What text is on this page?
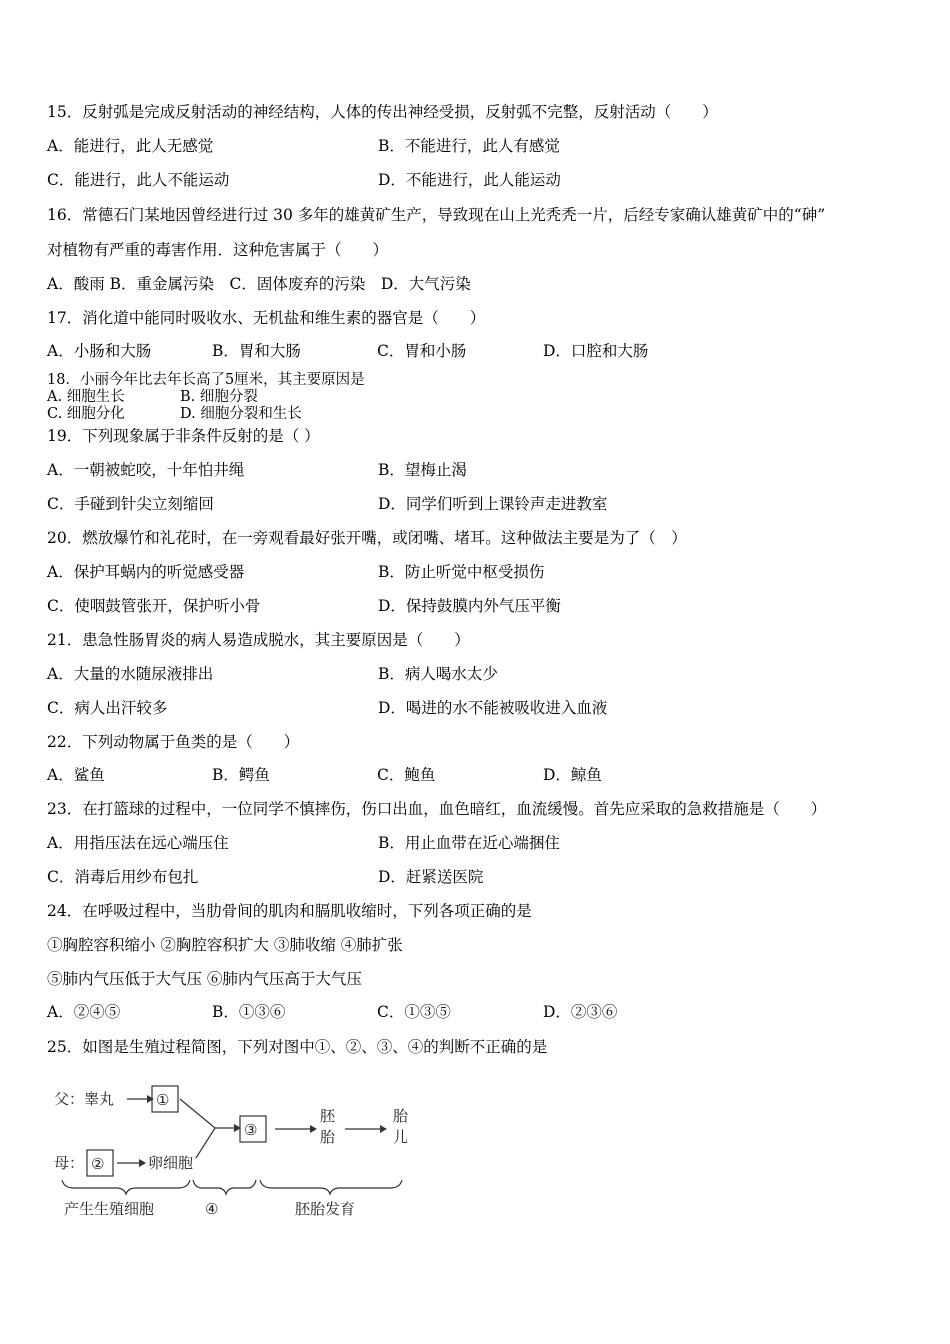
15．反射弧是完成反射活动的神经结构，人体的传出神经受损，反射弧不完整，反射活动（　　）
A．能进行，此人无感觉	B．不能进行，此人有感觉
C．能进行，此人不能运动	D．不能进行，此人能运动
16．常德石门某地因曾经进行过 30 多年的雄黄矿生产，导致现在山上光秃秃一片，后经专家确认雄黄矿中的“砷”
对植物有严重的毒害作用．这种危害属于（　　）
A．酸雨 B．重金属污染　C．固体废弃的污染　D．大气污染
17．消化道中能同时吸收水、无机盐和维生素的器官是（　　）
A．小肠和大肠	B．胃和大肠	C．胃和小肠	D．口腔和大肠
18．小丽今年比去年长高了5厘米，其主要原因是
A. 细胞生长	B. 细胞分裂
C. 细胞分化	D. 细胞分裂和生长
19．下列现象属于非条件反射的是（ ）
A．一朝被蛇咬，十年怕井绳	B．望梅止渴
C．手碰到针尖立刻缩回	D．同学们听到上课铃声走进教室
20．燃放爆竹和礼花时，在一旁观看最好张开嘴，或闭嘴、堵耳。这种做法主要是为了（　）
A．保护耳蜗内的听觉感受器	B．防止听觉中枢受损伤
C．使咽鼓管张开，保护听小骨	D．保持鼓膜内外气压平衡
21．患急性肠胃炎的病人易造成脱水，其主要原因是（　　）
A．大量的水随尿液排出	B．病人喝水太少
C．病人出汗较多	D．喝进的水不能被吸收进入血液
22．下列动物属于鱼类的是（　　）
A．鲨鱼	B．鳄鱼	C．鲍鱼	D．鲸鱼
23．在打篮球的过程中，一位同学不慎摔伤，伤口出血，血色暗红，血流缓慢。首先应采取的急救措施是（　　）
A．用指压法在远心端压住	B．用止血带在近心端捆住
C．消毒后用纱布包扎	D．赶紧送医院
24．在呼吸过程中，当肋骨间的肌肉和膈肌收缩时，下列各项正确的是
①胸腔容积缩小 ②胸腔容积扩大 ③肺收缩 ④肺扩张
⑤肺内气压低于大气压 ⑥肺内气压高于大气压
A．②④⑤	B．①③⑥	C．①③⑤	D．②③⑥
25．如图是生殖过程简图，下列对图中①、②、③、④的判断不正确的是
父：睾丸	①
母： ②	卵细胞
③
胚
胎
胎
儿
产生生殖细胞	④	胚胎发育
